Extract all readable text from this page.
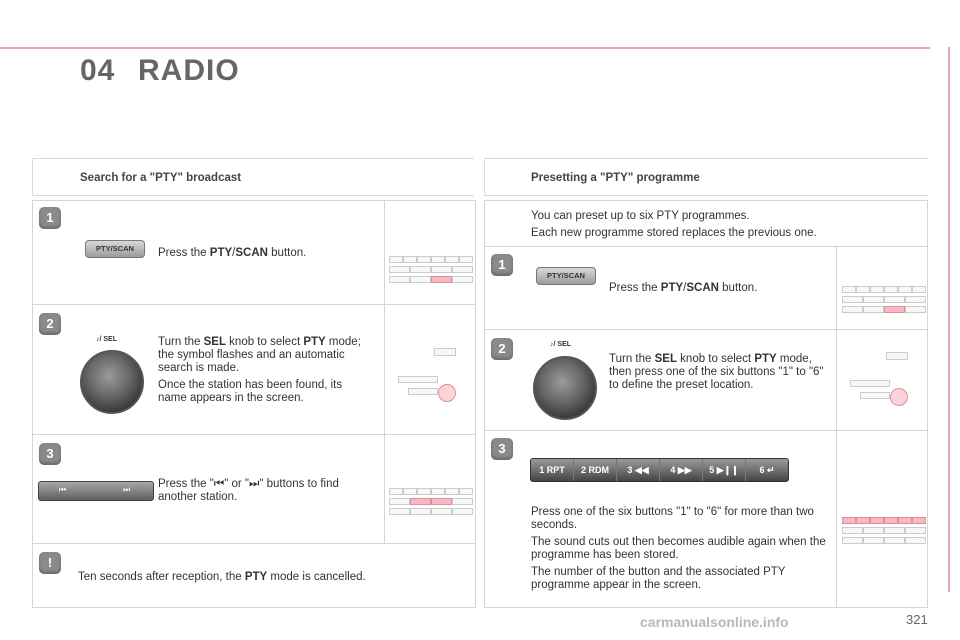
04 RADIO
Search for a "PTY" broadcast
1
PTY/SCAN	Press the PTY/SCAN button.
2
♪/ SEL	Turn the SEL knob to select PTY mode; the symbol flashes and an automatic search is made.

Once the station has been found, its name appears in the screen.

3
⏮	⏭ Press the "⏮" or "⏭" buttons to find another station.
!
Ten seconds after reception, the PTY mode is cancelled.
Presetting a "PTY" programme

You can preset up to six PTY programmes.

Each new programme stored replaces the previous one.

1
PTY/SCAN
Press the PTY/SCAN button.
2	♪/ SEL
Turn the SEL knob to select PTY mode, then press one of the six buttons "1" to "6" to define the preset location.
3
1 RPT	2 RDM	3 ◀◀	4 ▶▶	5 ▶❙❙	6 ↵

Press one of the six buttons "1" to "6" for more than two seconds.

The sound cuts out then becomes audible again when the programme has been stored.

The number of the button and the associated PTY programme appear in the screen.

321
carmanualsonline.info
